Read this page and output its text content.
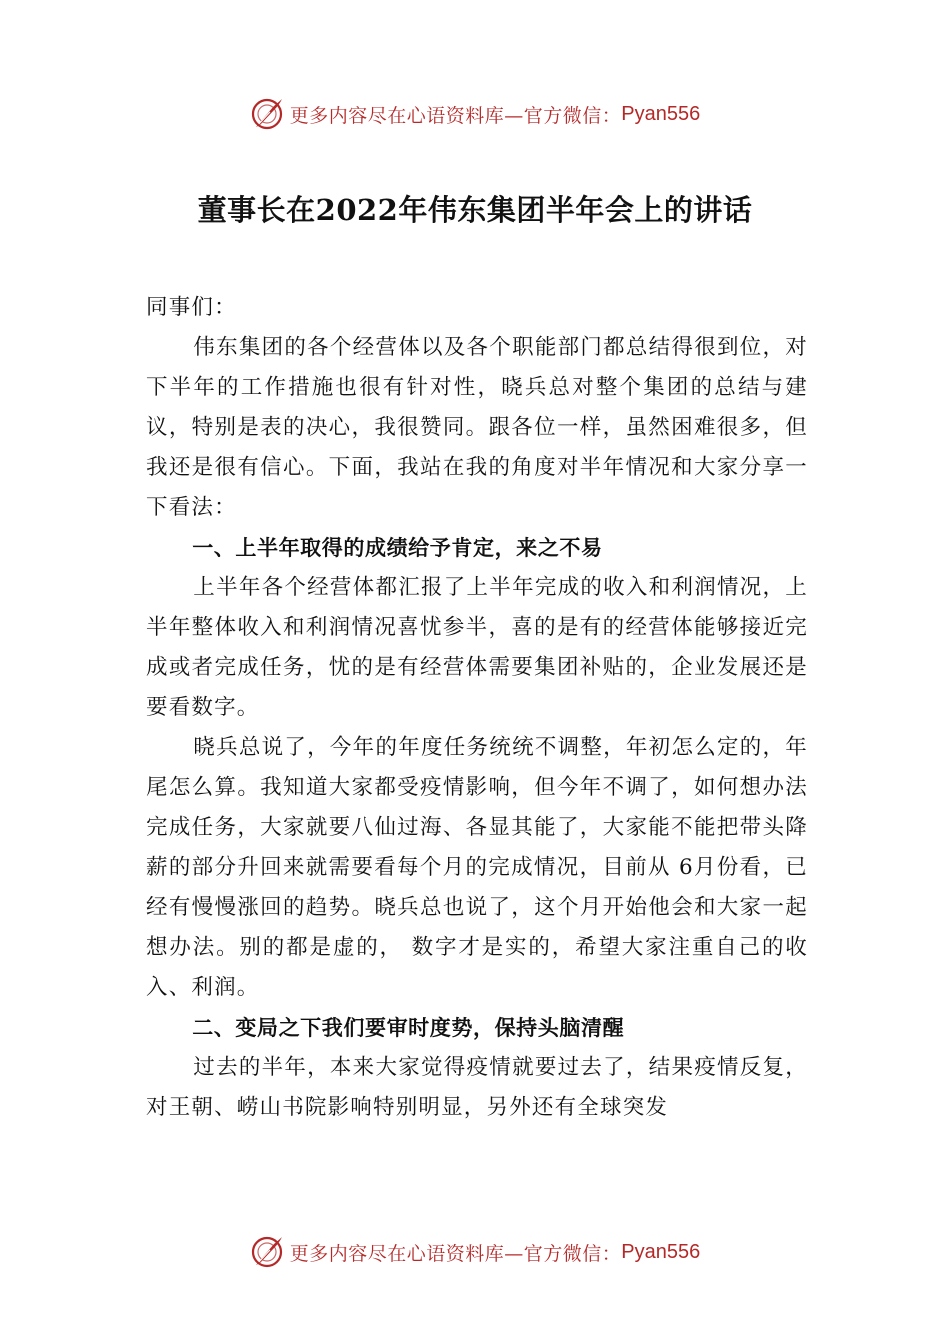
更多内容尽在心语资料库—官方微信： Pyan556
董事长在2022年伟东集团半年会上的讲话

同事们：

伟东集团的各个经营体以及各个职能部门都总结得很到位，对下半年的工作措施也很有针对性，晓兵总对整个集团的总结与建议，特别是表的决心，我很赞同。跟各位一样，虽然困难很多，但我还是很有信心。下面，我站在我的角度对半年情况和大家分享一下看法：

一、上半年取得的成绩给予肯定，来之不易

上半年各个经营体都汇报了上半年完成的收入和利润情况，上半年整体收入和利润情况喜忧参半，喜的是有的经营体能够接近完成或者完成任务，忧的是有经营体需要集团补贴的，企业发展还是要看数字。

晓兵总说了，今年的年度任务统统不调整，年初怎么定的，年尾怎么算。我知道大家都受疫情影响，但今年不调了，如何想办法完成任务，大家就要八仙过海、各显其能了，大家能不能把带头降薪的部分升回来就需要看每个月的完成情况，目前从 6月份看，已经有慢慢涨回的趋势。晓兵总也说了，这个月开始他会和大家一起想办法。别的都是虚的， 数字才是实的，希望大家注重自己的收入、利润。

二、变局之下我们要审时度势，保持头脑清醒

过去的半年，本来大家觉得疫情就要过去了，结果疫情反复，对王朝、崂山书院影响特别明显，另外还有全球突发

更多内容尽在心语资料库—官方微信： Pyan556
